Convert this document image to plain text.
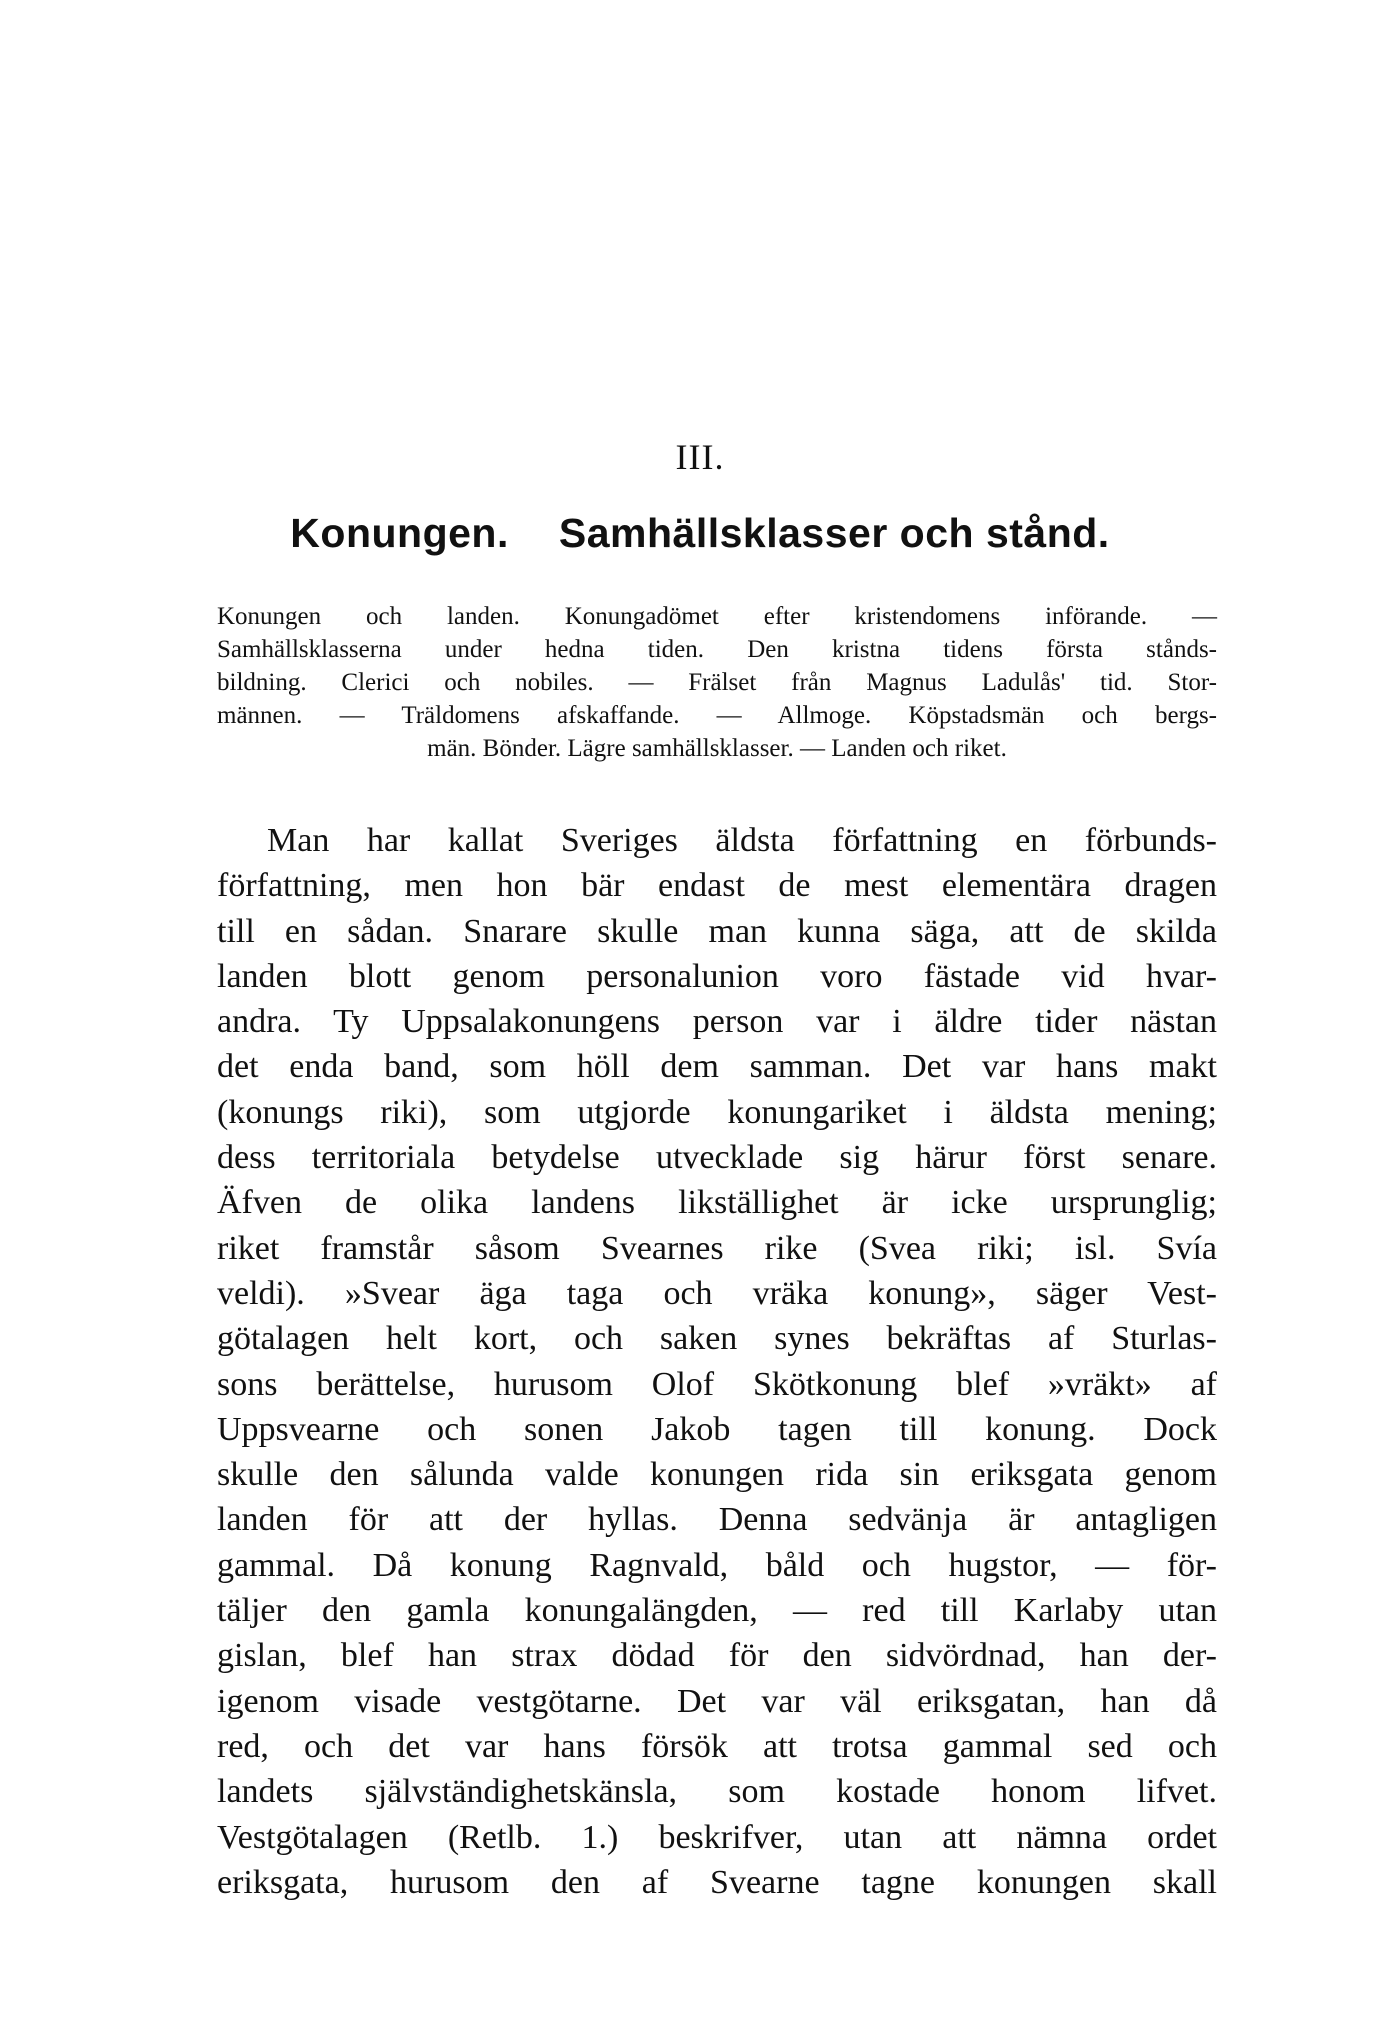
III.
Konungen. Samhällsklasser och stånd.
Konungen och landen. Konungadömet efter kristendomens införande. —
Samhällsklasserna under hedna tiden. Den kristna tidens första stånds-
bildning. Clerici och nobiles. — Frälset från Magnus Ladulås' tid. Stor-
männen. — Träldomens afskaffande. — Allmoge. Köpstadsmän och bergs-
män. Bönder. Lägre samhällsklasser. — Landen och riket.
Man har kallat Sveriges äldsta författning en förbunds-
författning, men hon bär endast de mest elementära dragen
till en sådan. Snarare skulle man kunna säga, att de skilda
landen blott genom personalunion voro fästade vid hvar-
andra. Ty Uppsalakonungens person var i äldre tider nästan
det enda band, som höll dem samman. Det var hans makt
(konungs riki), som utgjorde konungariket i äldsta mening;
dess territoriala betydelse utvecklade sig härur först senare.
Äfven de olika landens likställighet är icke ursprunglig;
riket framstår såsom Svearnes rike (Svea riki; isl. Svía
veldi). »Svear äga taga och vräka konung», säger Vest-
götalagen helt kort, och saken synes bekräftas af Sturlas-
sons berättelse, hurusom Olof Skötkonung blef »vräkt» af
Uppsvearne och sonen Jakob tagen till konung. Dock
skulle den sålunda valde konungen rida sin eriksgata genom
landen för att der hyllas. Denna sedvänja är antagligen
gammal. Då konung Ragnvald, båld och hugstor, — för-
täljer den gamla konungalängden, — red till Karlaby utan
gislan, blef han strax dödad för den sidvördnad, han der-
igenom visade vestgötarne. Det var väl eriksgatan, han då
red, och det var hans försök att trotsa gammal sed och
landets självständighetskänsla, som kostade honom lifvet.
Vestgötalagen (Retlb. 1.) beskrifver, utan att nämna ordet
eriksgata, hurusom den af Svearne tagne konungen skall
